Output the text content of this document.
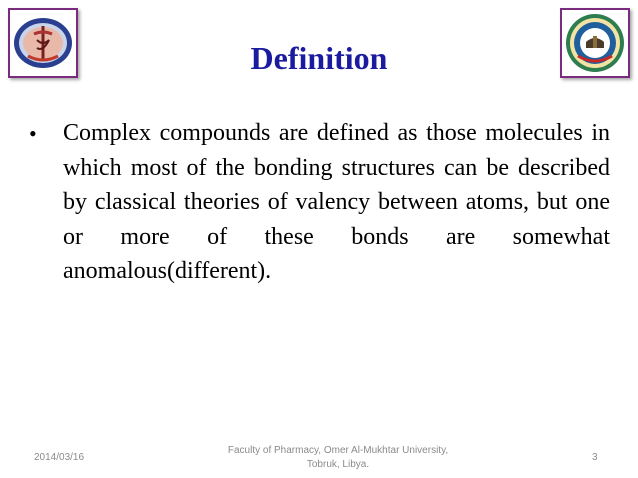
Definition
•	Complex compounds are defined as those molecules in which most of the bonding structures can be described by classical theories of valency between atoms, but one or more of these bonds are somewhat anomalous(different).
2014/03/16
Faculty of Pharmacy, Omer Al-Mukhtar University,
Tobruk, Libya.
3
